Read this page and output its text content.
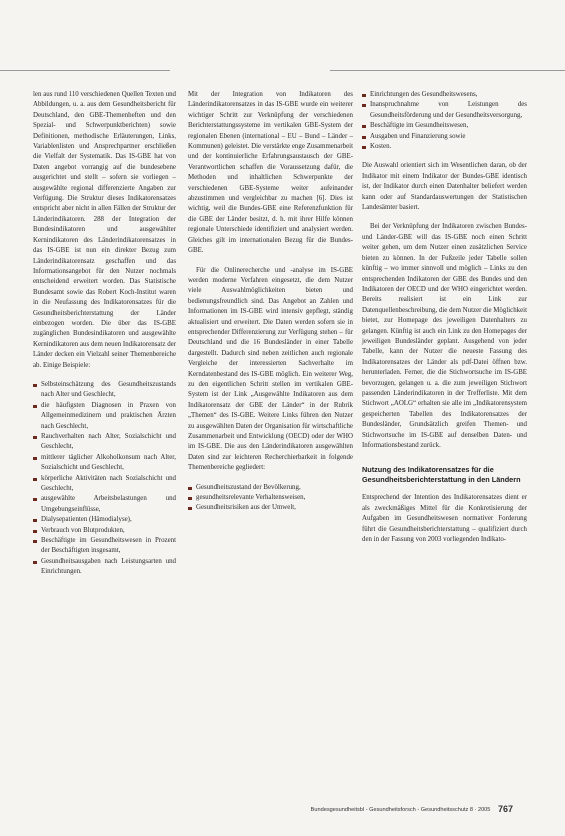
len aus rund 110 verschiedenen Quellen Texten und Abbildungen, u. a. aus dem Gesundheitsbericht für Deutschland, den GBE-Themenheften und den Spezial- und Schwerpunktberichten) sowie Definitionen, methodische Erläuterungen, Links, Variablenlisten und Ansprechpartner erschließen die Vielfalt der Systematik. Das IS-GBE hat von Daten angebot vorrangig auf die bundesebene ausgerichtet und stellt – sofern sie vorliegen – ausgewählte regional differenzierte Angaben zur Verfügung. Die Struktur dieses Indikatorensatzes entspricht aber nicht in allen Fällen der Struktur der Länderindikatoren. 288 der Integration der Bundesindikatoren und ausgewählter Kernindikatoren des Länderindikatorensatzes in das IS-GBE ist nun ein direkter Bezug zum Länderindikatorensatz geschaffen und das Informationsangebot für den Nutzer nochmals entscheidend erweitert worden. Das Statistische Bundesamt sowie das Robert Koch-Institut waren in die Neufassung des Indikatorensatzes für die Gesundheitsberichterstattung der Länder einbezogen worden. Die über das IS-GBE zugänglichen Bundesindikatoren und ausgewählte Kernindikatoren aus dem neuen Indikatorensatz der Länder decken ein Vielzahl seiner Themenbereiche ab. Einige Beispiele:

Selbsteinschätzung des Gesundheitszustands nach Alter und Geschlecht,
die häufigsten Diagnosen in Praxen von Allgemeinmedizinern und praktischen Ärzten nach Geschlecht,
Rauchverhalten nach Alter, Sozialschicht und Geschlecht,
mittlerer täglicher Alkoholkonsum nach Alter, Sozialschicht und Geschlecht,
körperliche Aktivitäten nach Sozialschicht und Geschlecht,
ausgewählte Arbeitsbelastungen und Umgebungseinflüsse,
Dialysepatienten (Hämodialyse),
Verbrauch von Blutprodukten,
Beschäftigte im Gesundheitswesen in Prozent der Beschäftigten insgesamt,
Gesundheitsausgaben nach Leistungsarten und Einrichtungen.

Mit der Integration von Indikatoren des Länderindikatorensatzes in das IS-GBE wurde ein weiterer wichtiger Schritt zur Verknüpfung der verschiedenen Berichterstattungssysteme im vertikalen GBE-System der regionalen Ebenen (international – EU – Bund – Länder – Kommunen) geleistet. Die verstärkte enge Zusammenarbeit und der kontinuierliche Erfahrungsaustausch der GBE-Verantwortlichen schaffen die Voraussetzung dafür, die Methoden und inhaltlichen Schwerpunkte der verschiedenen GBE-Systeme weiter aufeinander abzustimmen und vergleichbar zu machen [6]. Dies ist wichtig, weil die Bundes-GBE eine Referenzfunktion für die GBE der Länder besitzt, d. h. mit ihrer Hilfe können regionale Unterschiede identifiziert und analysiert werden. Gleiches gilt im internationalen Bezug für die Bundes-GBE.

Für die Onlinerecherche und -analyse im IS-GBE werden moderne Verfahren eingesetzt, die dem Nutzer viele Auswahlmöglichkeiten bieten und bedienungsfreundlich sind. Das Angebot an Zahlen und Informationen im IS-GBE wird intensiv gepflegt, ständig aktualisiert und erweitert. Die Daten werden sofern sie in entsprechender Differenzierung zur Verfügung stehen – für Deutschland und die 16 Bundesländer in einer Tabelle dargestellt. Dadurch sind neben zeitlichen auch regionale Vergleiche der interessierten Sachverhalte im Kerndatenbestand des IS-GBE möglich. Ein weiterer Weg, zu den eigentlichen Schritt stellen im vertikalen GBE-System ist der Link „Ausgewählte Indikatoren aus dem Indikatorensatz der GBE der Länder“ in der Rubrik „Themen“ des IS-GBE. Weitere Links führen den Nutzer zu ausgewählten Daten der Organisation für wirtschaftliche Zusammenarbeit und Entwicklung (OECD) oder der WHO im IS-GBE. Die aus den Länderindikatoren ausgewählten Daten sind zur leichteren Recherchierbarkeit in folgende Themenbereiche gegliedert:

Gesundheitszustand der Bevölkerung,
gesundheitsrelevante Verhaltensweisen,
Gesundheitsrisiken aus der Umwelt,
Einrichtungen des Gesundheitswesens,
Inanspruchnahme von Leistungen des Gesundheitsförderung und der Gesundheitsversorgung,
Beschäftigte im Gesundheitswesen,
Ausgaben und Finanzierung sowie
Kosten.

Die Auswahl orientiert sich im Wesentlichen daran, ob der Indikator mit einem Indikator der Bundes-GBE identisch ist, der Indikator durch einen Datenhalter beliefert werden kann oder auf Standardauswertungen der Statistischen Landesämter basiert.

Bei der Verknüpfung der Indikatoren zwischen Bundes- und Länder-GBE will das IS-GBE noch einen Schritt weiter gehen, um dem Nutzer einen zusätzlichen Service bieten zu können. In der Fußzeile jeder Tabelle sollen künftig – wo immer sinnvoll und möglich – Links zu den entsprechenden Indikatoren der GBE des Bundes und den Indikatoren der OECD und der WHO eingerichtet werden. Bereits realisiert ist ein Link zur Datenquellenbeschreibung, die dem Nutzer die Möglichkeit bietet, zur Homepage des jeweiligen Datenhalters zu gelangen. Künftig ist auch ein Link zu den Homepages der jeweiligen Bundesländer geplant. Ausgehend von jeder Tabelle, kann der Nutzer die neueste Fassung des Indikatorensatzes der Länder als pdf-Datei öffnen bzw. herunterladen. Ferner, die die Stichwortsuche im IS-GBE bevorzugen, gelangen u. a. die zum jeweiligen Stichwort passenden Länderindikatoren in der Trefferliste. Mit dem Stichwort „AOLG“ erhalten sie alle im „Indikatorensystem gespeicherten Tabellen des Indikatorensatzes der Bundesländer, Grundsätzlich greifen Themen- und Stichwortsuche im IS-GBE auf denselben Daten- und Informationsbestand zurück.

Nutzung des Indikatorensatzes für die Gesundheitsberichterstattung in den Ländern

Entsprechend der Intention des Indikatorensatzes dient er als zweckmäßiges Mittel für die Konkretisierung der Aufgaben im Gesundheitswesen normativer Forderung führt die Gesundheitsberichterstattung – qualifiziert durch den in der Fassung von 2003 vorliegenden Indikato-

Bundesgesundheitsbl - Gesundheitsforsch - Gesundheitsschutz 8 · 2005 767
